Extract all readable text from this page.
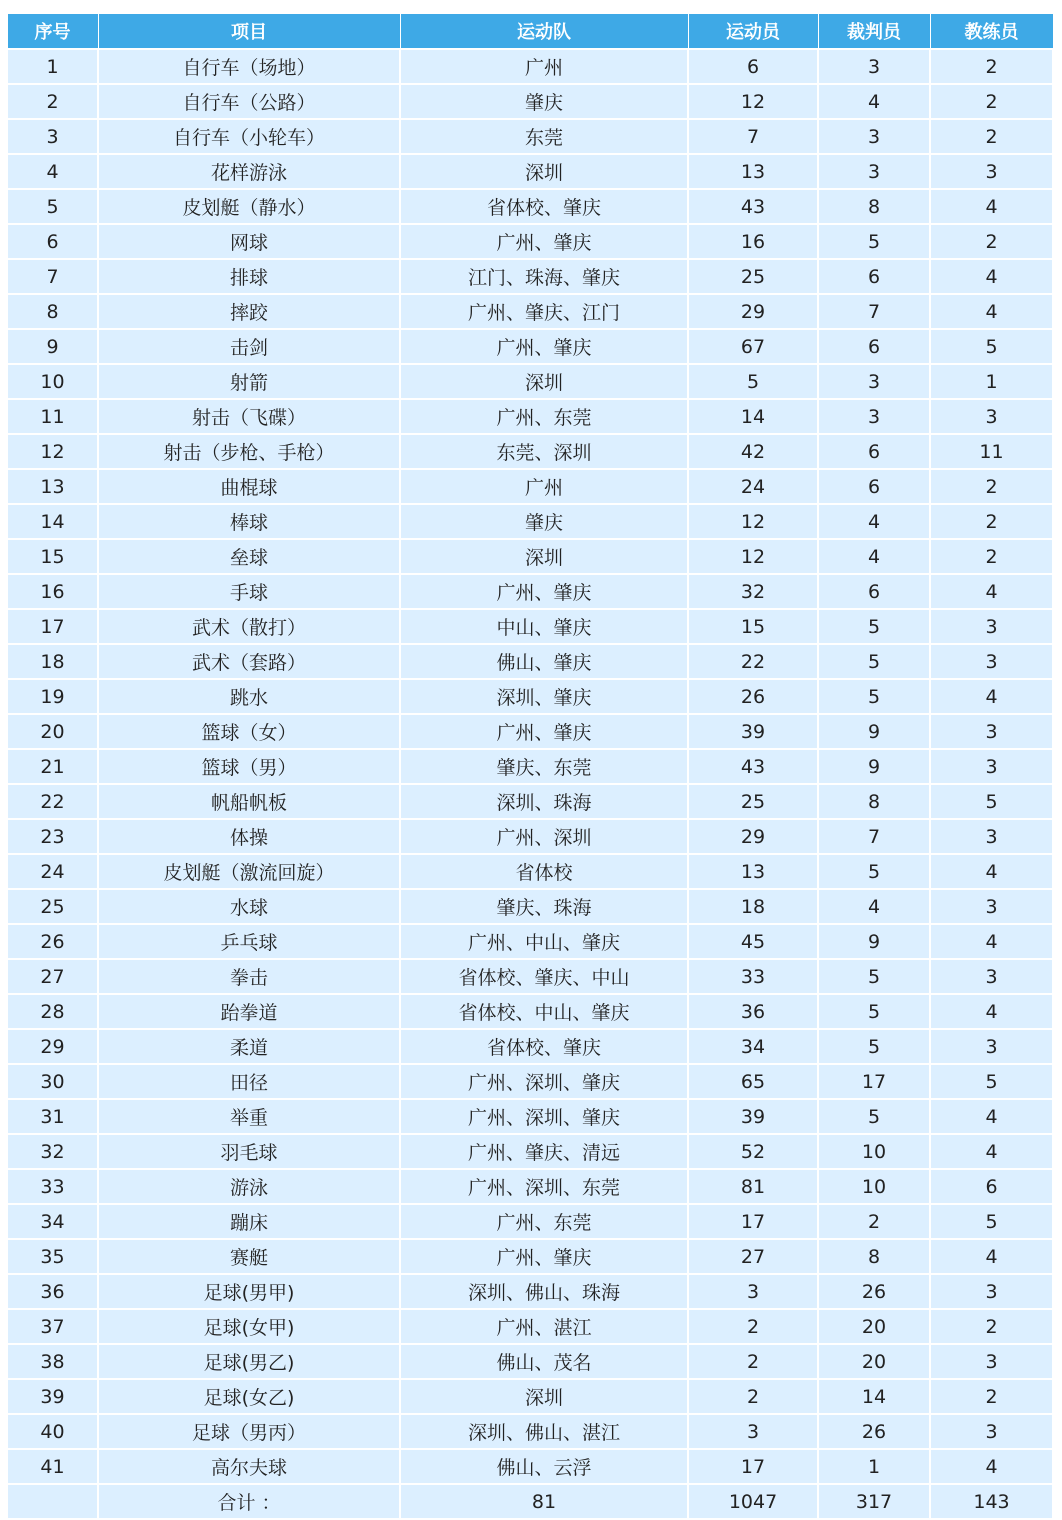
序号	项目	运动队	运动员	裁判员	教练员
1	自行车（场地）	广州	6	3	2
2	自行车（公路）	肇庆	12	4	2
3	自行车（小轮车）	东莞	7	3	2
4	花样游泳	深圳	13	3	3
5	皮划艇（静水）	省体校、肇庆	43	8	4
6	网球	广州、肇庆	16	5	2
7	排球	江门、珠海、肇庆	25	6	4
8	摔跤	广州、肇庆、江门	29	7	4
9	击剑	广州、肇庆	67	6	5
10	射箭	深圳	5	3	1
11	射击（飞碟）	广州、东莞	14	3	3
12	射击（步枪、手枪）	东莞、深圳	42	6	11
13	曲棍球	广州	24	6	2
14	棒球	肇庆	12	4	2
15	垒球	深圳	12	4	2
16	手球	广州、肇庆	32	6	4
17	武术（散打）	中山、肇庆	15	5	3
18	武术（套路）	佛山、肇庆	22	5	3
19	跳水	深圳、肇庆	26	5	4
20	篮球（女）	广州、肇庆	39	9	3
21	篮球（男）	肇庆、东莞	43	9	3
22	帆船帆板	深圳、珠海	25	8	5
23	体操	广州、深圳	29	7	3
24	皮划艇（激流回旋）	省体校	13	5	4
25	水球	肇庆、珠海	18	4	3
26	乒乓球	广州、中山、肇庆	45	9	4
27	拳击	省体校、肇庆、中山	33	5	3
28	跆拳道	省体校、中山、肇庆	36	5	4
29	柔道	省体校、肇庆	34	5	3
30	田径	广州、深圳、肇庆	65	17	5
31	举重	广州、深圳、肇庆	39	5	4
32	羽毛球	广州、肇庆、清远	52	10	4
33	游泳	广州、深圳、东莞	81	10	6
34	蹦床	广州、东莞	17	2	5
35	赛艇	广州、肇庆	27	8	4
36	足球(男甲)	深圳、佛山、珠海	3	26	3
37	足球(女甲)	广州、湛江	2	20	2
38	足球(男乙)	佛山、茂名	2	20	3
39	足球(女乙)	深圳	2	14	2
40	足球（男丙）	深圳、佛山、湛江	3	26	3
41	高尔夫球	佛山、云浮	17	1	4
	合计 ：	81	1047	317	143
